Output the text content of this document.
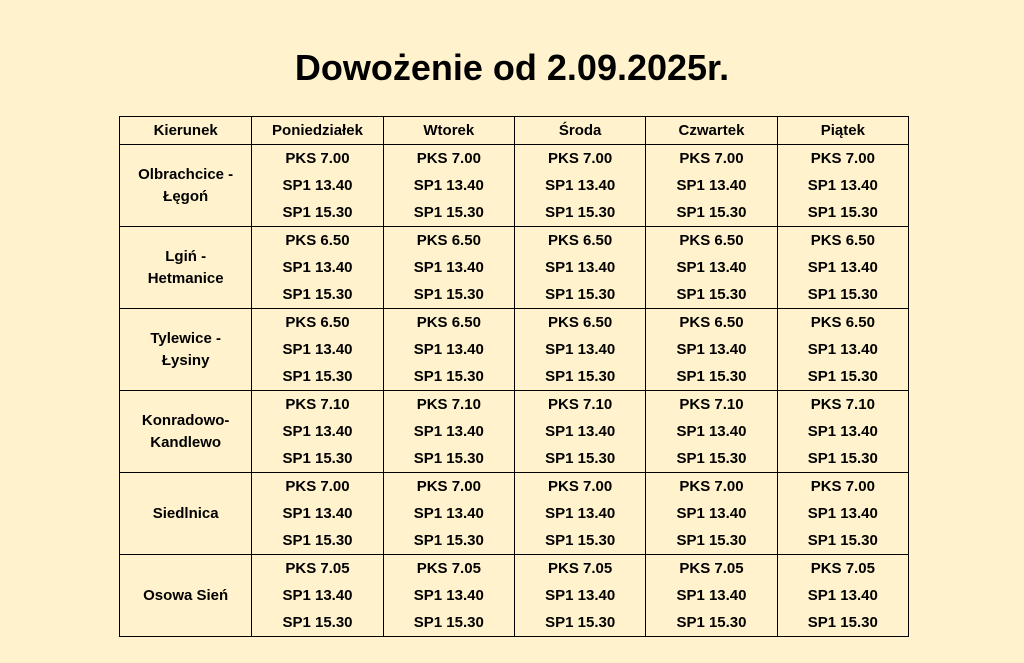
Dowożenie od 2.09.2025r.
Kierunek	Poniedziałek	Wtorek	Środa	Czwartek	Piątek
Olbrachcice - Łęgoń	PKS 7.00
SP1 13.40
SP1 15.30	PKS 7.00
SP1 13.40
SP1 15.30	PKS 7.00
SP1 13.40
SP1 15.30	PKS 7.00
SP1 13.40
SP1 15.30	PKS 7.00
SP1 13.40
SP1 15.30

Lgiń - Hetmanice	PKS 6.50
SP1 13.40
SP1 15.30	PKS 6.50
SP1 13.40
SP1 15.30	PKS 6.50
SP1 13.40
SP1 15.30	PKS 6.50
SP1 13.40
SP1 15.30	PKS 6.50
SP1 13.40
SP1 15.30

Tylewice - Łysiny	PKS 6.50
SP1 13.40
SP1 15.30	PKS 6.50
SP1 13.40
SP1 15.30	PKS 6.50
SP1 13.40
SP1 15.30	PKS 6.50
SP1 13.40
SP1 15.30	PKS 6.50
SP1 13.40
SP1 15.30

Konradowo-Kandlewo	PKS 7.10
SP1 13.40
SP1 15.30	PKS 7.10
SP1 13.40
SP1 15.30	PKS 7.10
SP1 13.40
SP1 15.30	PKS 7.10
SP1 13.40
SP1 15.30	PKS 7.10
SP1 13.40
SP1 15.30

Siedlnica	PKS 7.00
SP1 13.40
SP1 15.30	PKS 7.00
SP1 13.40
SP1 15.30	PKS 7.00
SP1 13.40
SP1 15.30	PKS 7.00
SP1 13.40
SP1 15.30	PKS 7.00
SP1 13.40
SP1 15.30

Osowa Sień	PKS 7.05
SP1 13.40
SP1 15.30	PKS 7.05
SP1 13.40
SP1 15.30	PKS 7.05
SP1 13.40
SP1 15.30	PKS 7.05
SP1 13.40
SP1 15.30	PKS 7.05
SP1 13.40
SP1 15.30
